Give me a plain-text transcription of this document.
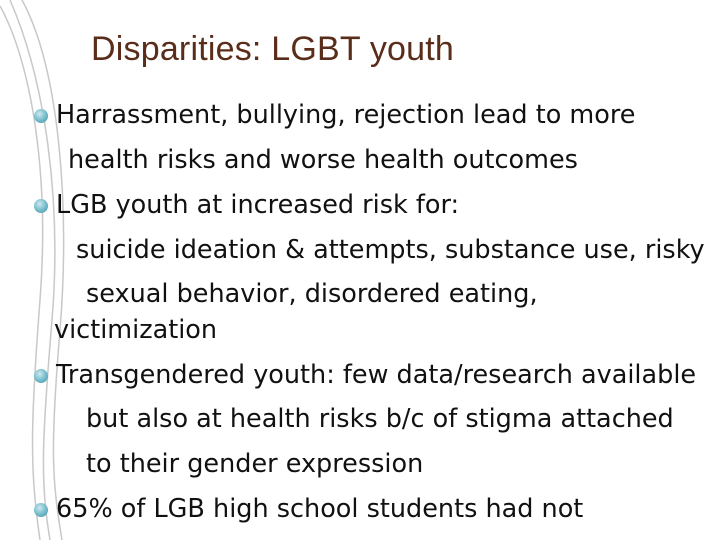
Disparities: LGBT youth
Harrassment, bullying, rejection lead to more
health risks and worse health outcomes
LGB youth at increased risk for:
suicide ideation & attempts, substance use, risky
sexual behavior, disordered eating,
victimization
Transgendered youth: few data/research available
but also at health risks b/c of stigma attached
to their gender expression
65% of LGB high school students had not
